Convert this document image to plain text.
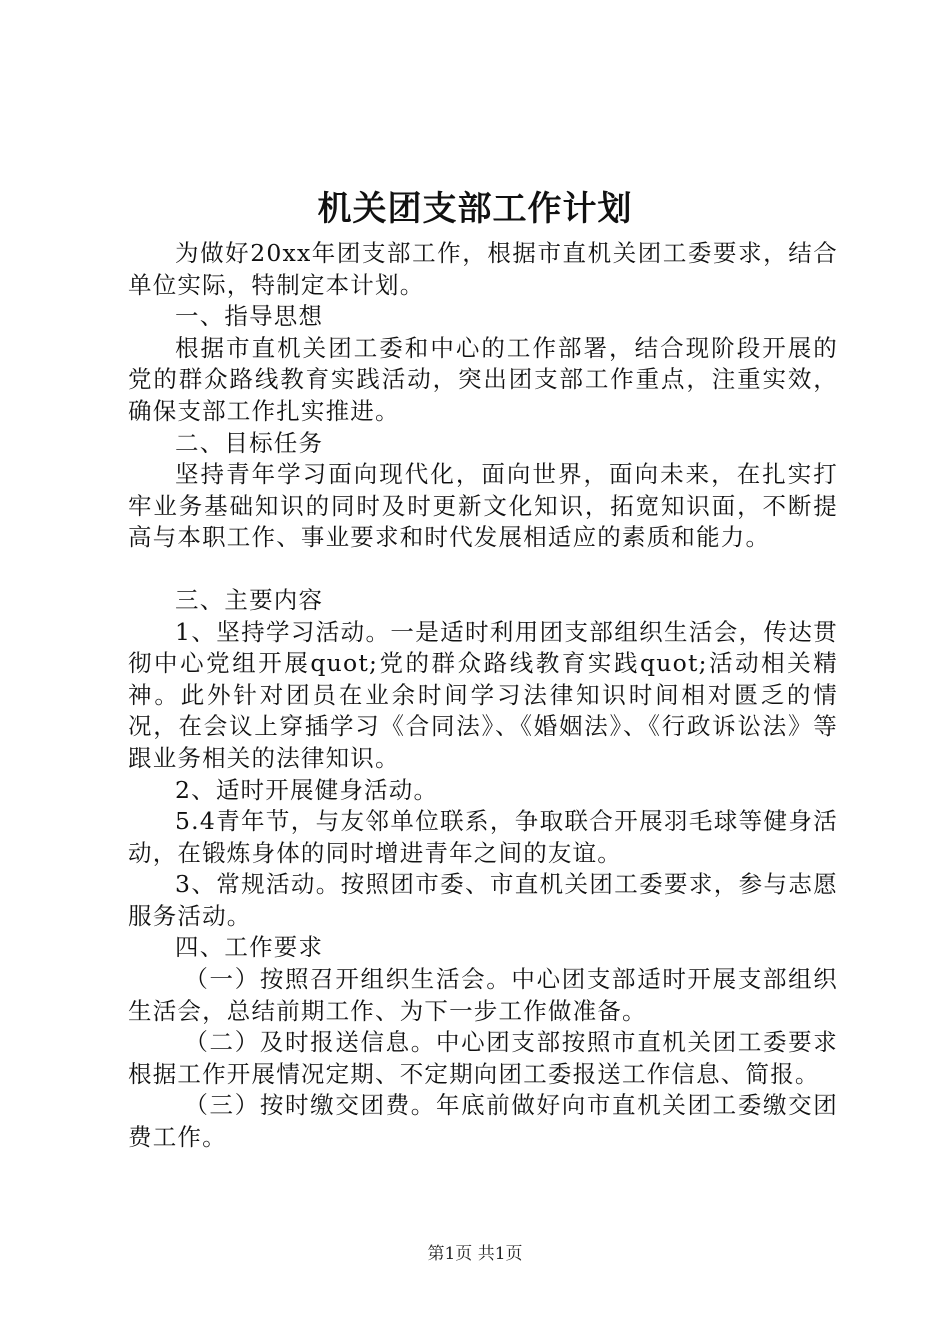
机关团支部工作计划

为做好20xx年团支部工作，根据市直机关团工委要求，结合单位实际，特制定本计划。

一、指导思想

根据市直机关团工委和中心的工作部署，结合现阶段开展的党的群众路线教育实践活动，突出团支部工作重点，注重实效，确保支部工作扎实推进。

二、目标任务

坚持青年学习面向现代化，面向世界，面向未来，在扎实打牢业务基础知识的同时及时更新文化知识，拓宽知识面，不断提高与本职工作、事业要求和时代发展相适应的素质和能力。

三、主要内容

1、坚持学习活动。一是适时利用团支部组织生活会，传达贯彻中心党组开展quot;党的群众路线教育实践quot;活动相关精神。此外针对团员在业余时间学习法律知识时间相对匮乏的情况，在会议上穿插学习《合同法》、《婚姻法》、《行政诉讼法》等跟业务相关的法律知识。

2、适时开展健身活动。

5.4青年节，与友邻单位联系，争取联合开展羽毛球等健身活动，在锻炼身体的同时增进青年之间的友谊。

3、常规活动。按照团市委、市直机关团工委要求，参与志愿服务活动。

四、工作要求

（一）按照召开组织生活会。中心团支部适时开展支部组织生活会，总结前期工作、为下一步工作做准备。

（二）及时报送信息。中心团支部按照市直机关团工委要求根据工作开展情况定期、不定期向团工委报送工作信息、简报。

（三）按时缴交团费。年底前做好向市直机关团工委缴交团费工作。

第1页 共1页
